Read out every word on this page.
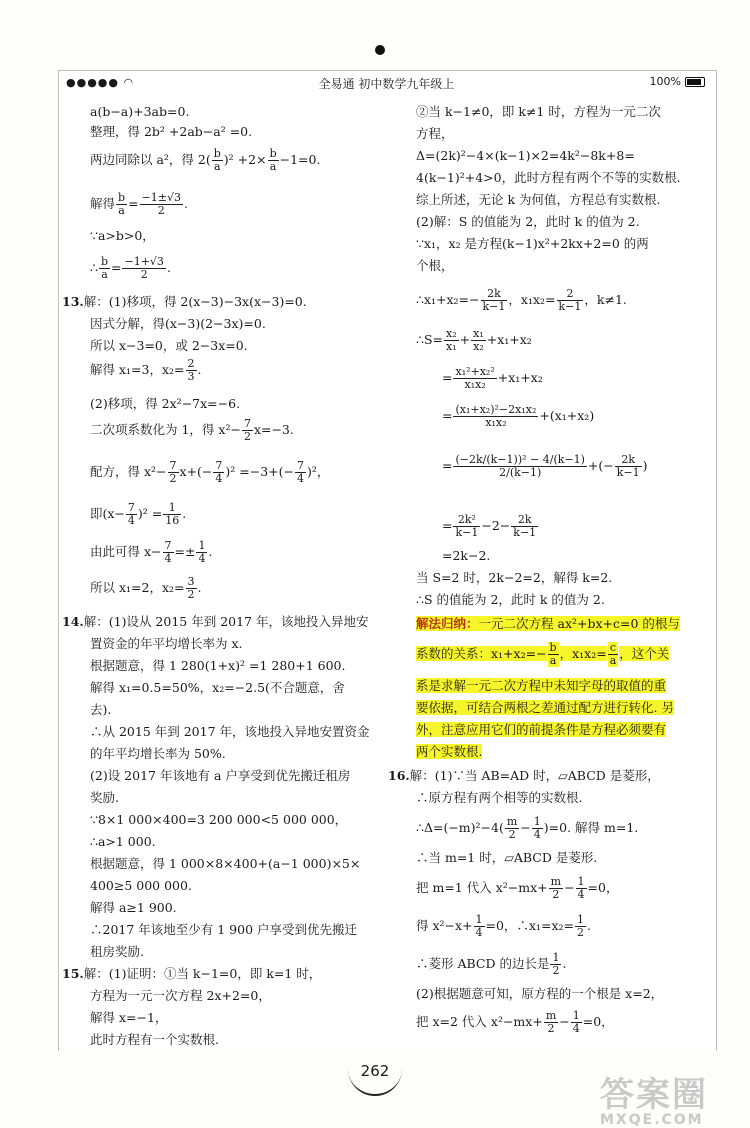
●●●●● ◠	全易通 初中数学九年级上	100%
a(b−a)+3ab=0.
整理，得 2b² +2ab−a² =0.
两边同除以 a²，得 $2( \frac{b}{a} )^2 +2\times \frac{b}{a} -1=0$.
解得 $\frac{b}{a} = \frac{-1\pm√3}{2}$ .
∵a>b>0，
∴ $\frac{b}{a} = \frac{-1+√3}{2}$ .
13.解：(1)移项，得 2(x−3)−3x(x−3)=0.
因式分解，得(x−3)(2−3x)=0.
所以 x−3=0，或 2−3x=0.
解得 x₁=3，$x_2= \frac{2}{3}$ .
(2)移项，得 2x²−7x=−6.
二次项系数化为 1，得 $x^2- \frac{7}{2} x=-3$.
配方，得 $x^2- \frac{7}{2} x+(- \frac{7}{4} )^2 =-3+(- \frac{7}{4} )^2$，
即$(x- \frac{7}{4} )^2 = \frac{1}{16}$ .
由此可得 $x- \frac{7}{4} =\pm \frac{1}{4}$ .
所以 x₁=2，$x_2= \frac{3}{2}$ .
14.解：(1)设从 2015 年到 2017 年，该地投入异地安
置资金的年平均增长率为 x.
根据题意，得 1 280(1+x)² =1 280+1 600.
解得 x₁=0.5=50%，x₂=−2.5(不合题意，舍
去).
∴从 2015 年到 2017 年，该地投入异地安置资金
的年平均增长率为 50%.
(2)设 2017 年该地有 a 户享受到优先搬迁租房
奖励.
∵8×1 000×400=3 200 000<5 000 000，
∴a>1 000.
根据题意，得 1 000×8×400+(a−1 000)×5×
400≥5 000 000.
解得 a≥1 900.
∴2017 年该地至少有 1 900 户享受到优先搬迁
租房奖励.
15.解：(1)证明：①当 k−1=0，即 k=1 时，
方程为一元一次方程 2x+2=0，
解得 x=−1，
此时方程有一个实数根.
②当 k−1≠0，即 k≠1 时，方程为一元二次
方程，
Δ=(2k)²−4×(k−1)×2=4k²−8k+8=
4(k−1)²+4>0，此时方程有两个不等的实数根.
综上所述，无论 k 为何值，方程总有实数根.
(2)解：S 的值能为 2，此时 k 的值为 2.
∵x₁，x₂ 是方程(k−1)x²+2kx+2=0 的两
个根，
∴x₁+x₂=− $\frac{2k}{k-1}$ ，$x_1x_2= \frac{2}{k-1}$ ，k≠1.
∴S= $\frac{\text{x₂}}{\text{x₁}} + \frac{\text{x₁}}{\text{x₂}} +x_1+x_2$
= $\frac{\text{x₁²+x₂²}}{\text{x₁x₂}} +x_1+x_2$
= $\frac{\text{(x₁+x₂)²−2x₁x₂}}{\text{x₁x₂}} +(x_1+x_2)$
= $\frac{\text{(−2k/(k−1))² − 4/(k−1)}}{2/(k-1)}$ +(− $\frac{2k}{k-1}$ )
= $\frac{\text{2k²}}{k-1} -2- \frac{2k}{k-1}$
=2k−2.
当 S=2 时，2k−2=2，解得 k=2.
∴S 的值能为 2，此时 k 的值为 2.
解法归纳：一元二次方程 ax²+bx+c=0 的根与
系数的关系：$x_1+x_2=- \frac{b}{a}$ ，$x_1x_2= \frac{c}{a}$ ，这个关
系是求解一元二次方程中未知字母的取值的重
要依据，可结合两根之差通过配方进行转化. 另
外，注意应用它们的前提条件是方程必须要有
两个实数根.
16.解：(1)∵当 AB=AD 时，▱ABCD 是菱形，
∴原方程有两个相等的实数根.
∴Δ=(−m)²−4( $\frac{m}{2} - \frac{1}{4} )=0$. 解得 m=1.
∴当 m=1 时，▱ABCD 是菱形.
把 m=1 代入 $x^2-mx+ \frac{m}{2} - \frac{1}{4} =0$，
得 $x^2-x+ \frac{1}{4} =0$，∴x₁=x₂= $\frac{1}{2}$ .
∴菱形 ABCD 的边长是 $\frac{1}{2}$ .
(2)根据题意可知，原方程的一个根是 x=2，
把 x=2 代入 $x^2-mx+ \frac{m}{2} - \frac{1}{4} =0$，
262
答案圈
MXQE.COM
